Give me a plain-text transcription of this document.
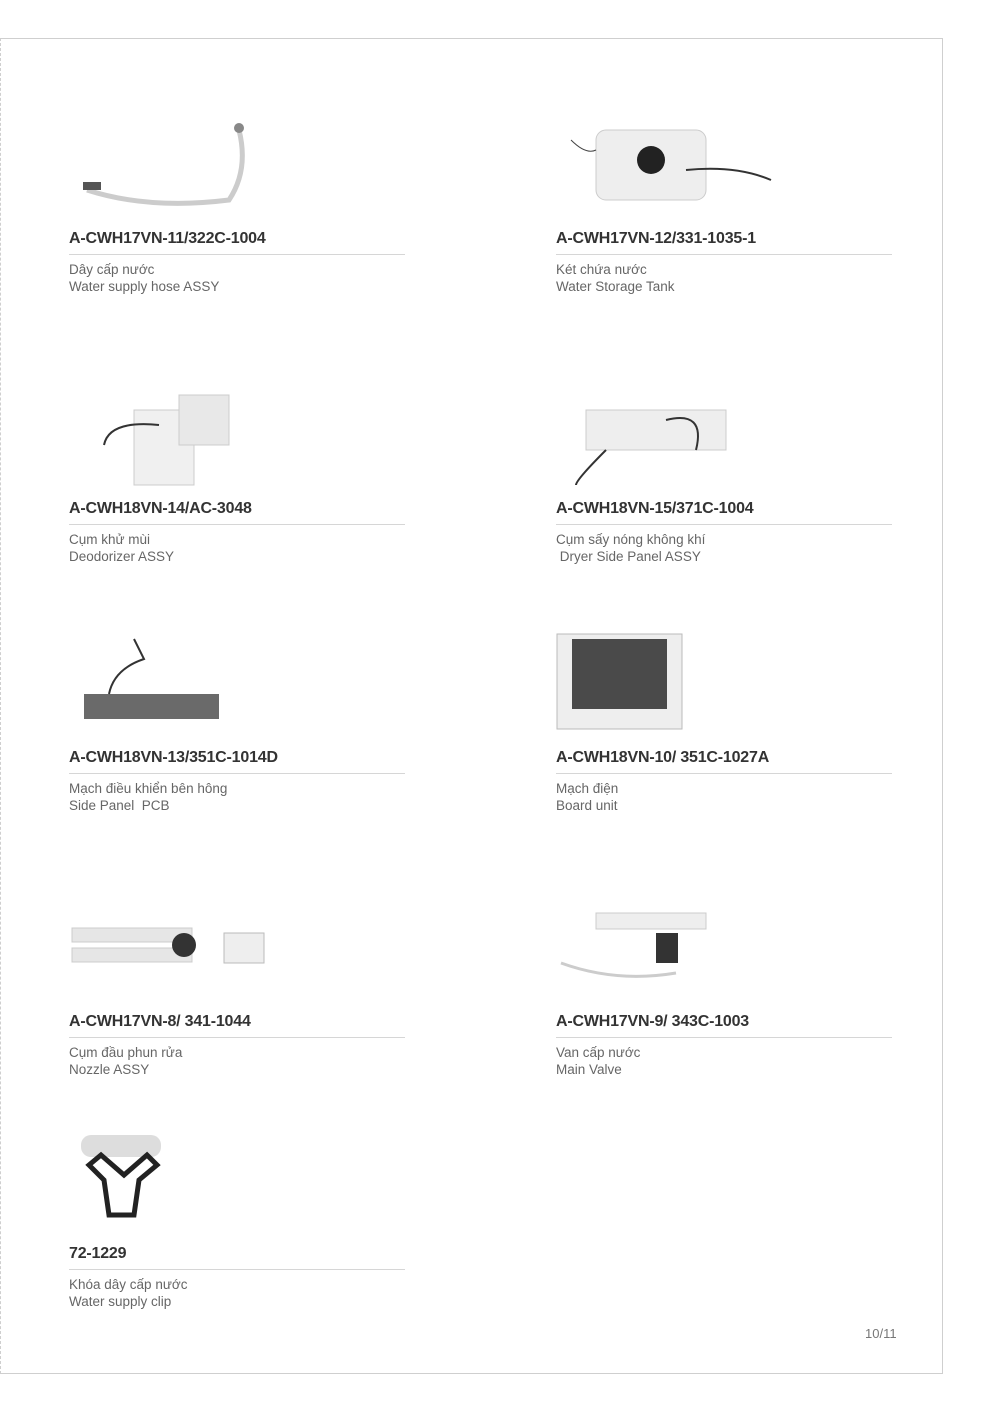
A-CWH17VN-11/322C-1004
Dây cấp nước
Water supply hose ASSY
A-CWH17VN-12/331-1035-1
Két chứa nước
Water Storage Tank
A-CWH18VN-14/AC-3048
Cụm khử mùi
Deodorizer ASSY
A-CWH18VN-15/371C-1004
Cụm sấy nóng không khí
Dryer Side Panel ASSY
A-CWH18VN-13/351C-1014D
Mạch điều khiển bên hông
Side Panel  PCB
A-CWH18VN-10/ 351C-1027A
Mạch điện
Board unit
A-CWH17VN-8/ 341-1044
Cụm đầu phun rửa
Nozzle ASSY
A-CWH17VN-9/ 343C-1003
Van cấp nước
Main Valve
72-1229
Khóa dây cấp nước
Water supply clip
10/11
